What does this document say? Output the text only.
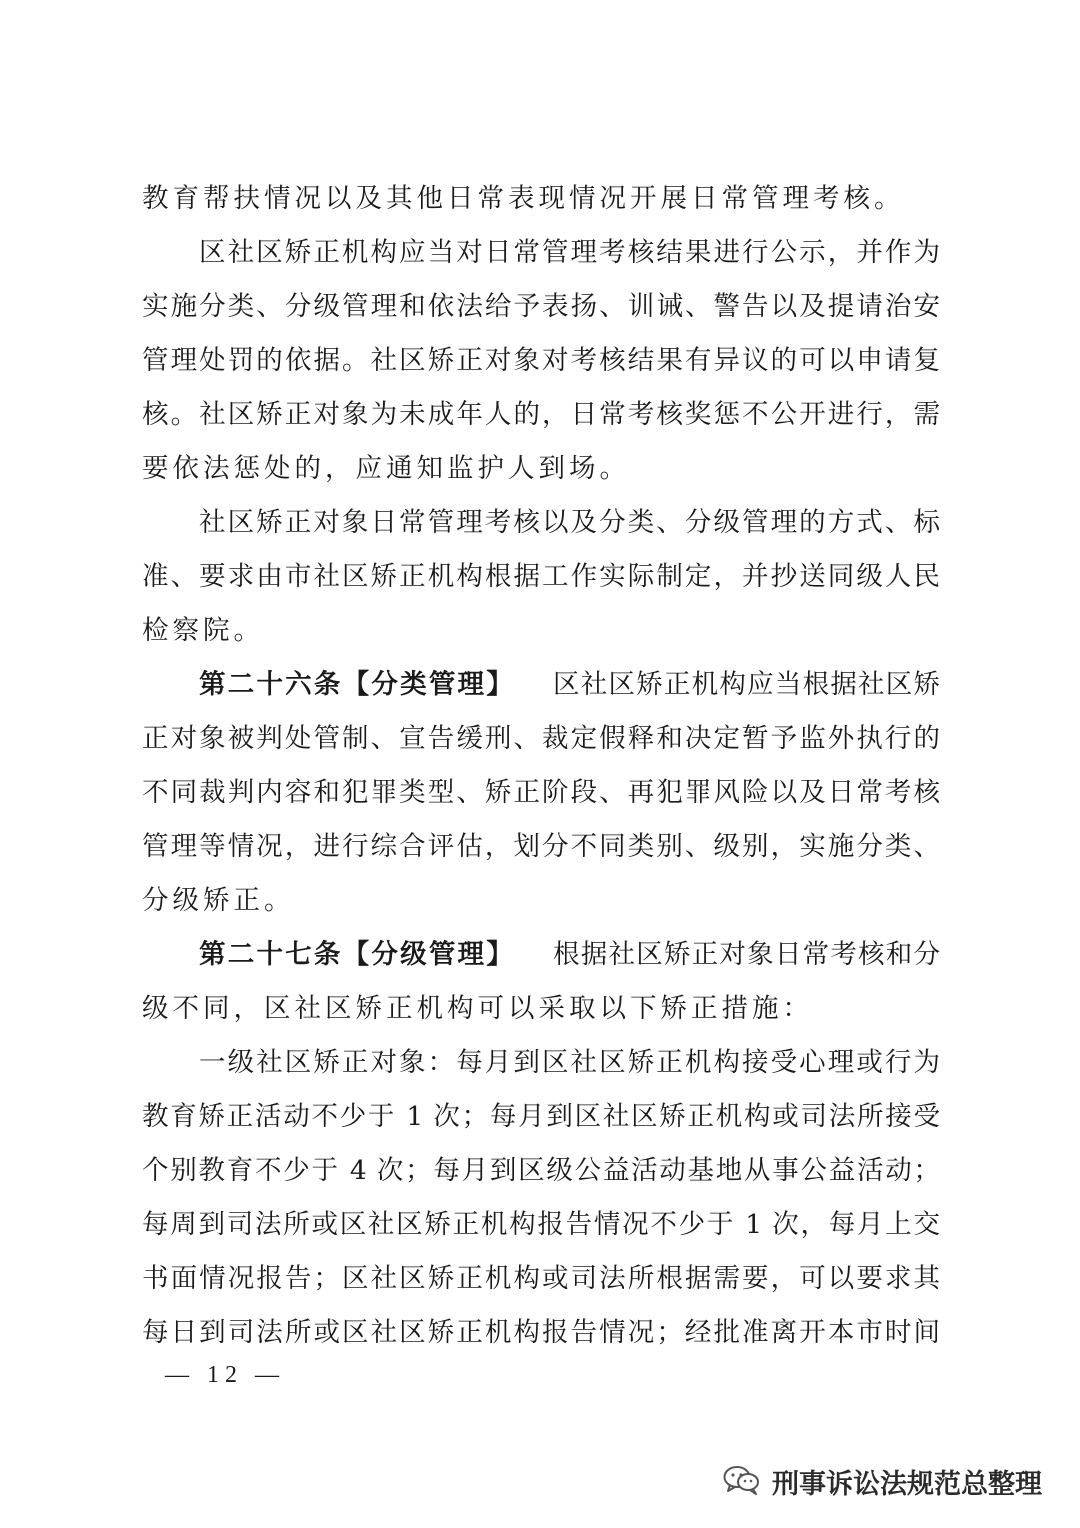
教育帮扶情况以及其他日常表现情况开展日常管理考核。
区社区矫正机构应当对日常管理考核结果进行公示，并作为
实施分类、分级管理和依法给予表扬、训诫、警告以及提请治安
管理处罚的依据。社区矫正对象对考核结果有异议的可以申请复
核。社区矫正对象为未成年人的，日常考核奖惩不公开进行，需
要依法惩处的，应通知监护人到场。
社区矫正对象日常管理考核以及分类、分级管理的方式、标
准、要求由市社区矫正机构根据工作实际制定，并抄送同级人民
检察院。
第二十六条【分类管理】 区社区矫正机构应当根据社区矫
正对象被判处管制、宣告缓刑、裁定假释和决定暂予监外执行的
不同裁判内容和犯罪类型、矫正阶段、再犯罪风险以及日常考核
管理等情况，进行综合评估，划分不同类别、级别，实施分类、
分级矫正。
第二十七条【分级管理】 根据社区矫正对象日常考核和分
级不同，区社区矫正机构可以采取以下矫正措施：
一级社区矫正对象：每月到区社区矫正机构接受心理或行为
教育矫正活动不少于 1 次；每月到区社区矫正机构或司法所接受
个别教育不少于 4 次；每月到区级公益活动基地从事公益活动；
每周到司法所或区社区矫正机构报告情况不少于 1 次，每月上交
书面情况报告；区社区矫正机构或司法所根据需要，可以要求其
每日到司法所或区社区矫正机构报告情况；经批准离开本市时间
— 12 —
刑事诉讼法规范总整理
